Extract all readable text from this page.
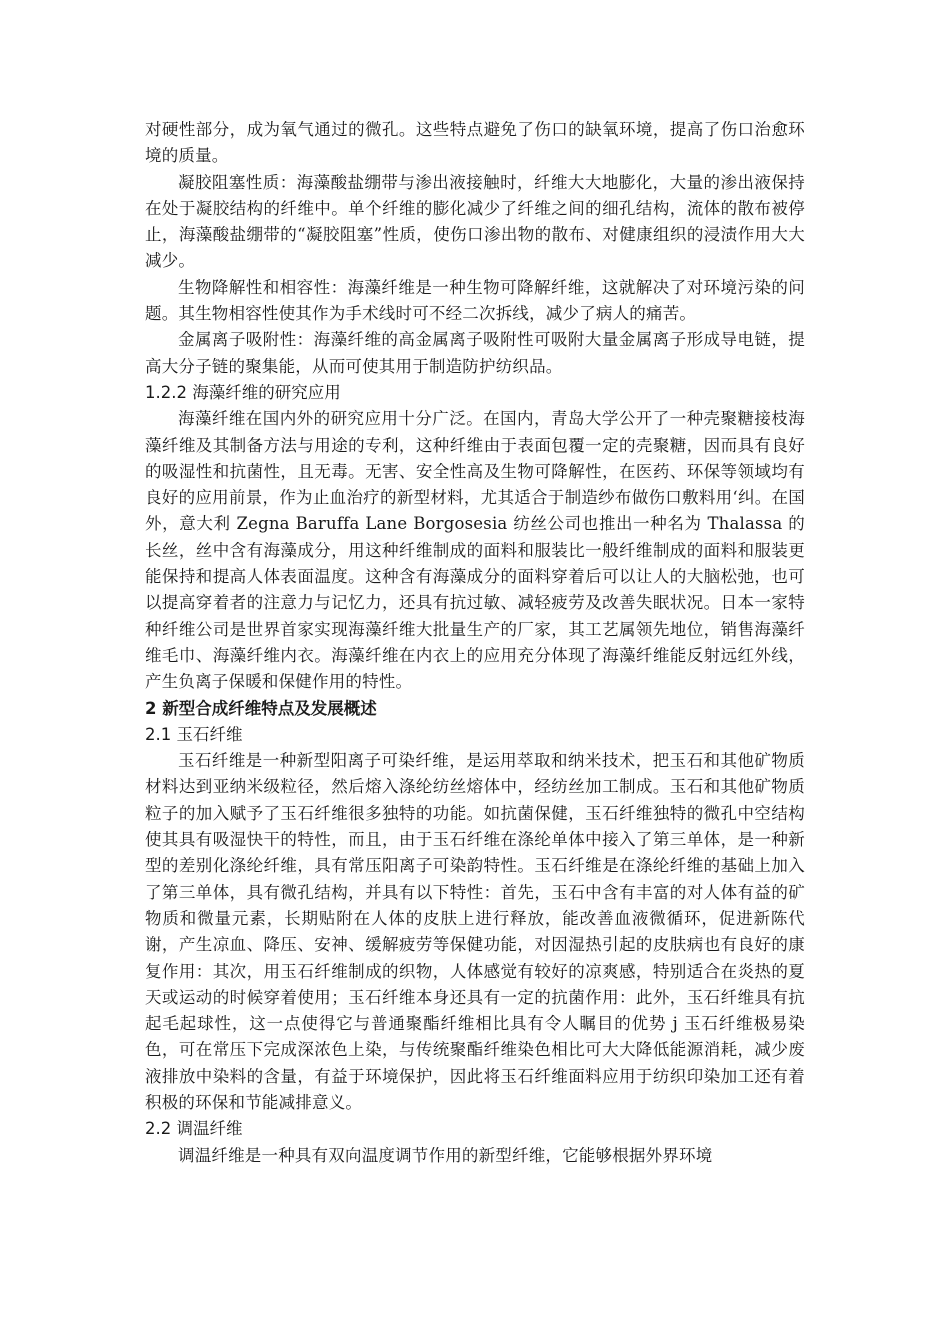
对硬性部分，成为氧气通过的微孔。这些特点避免了伤口的缺氧环境，提高了伤口治愈环境的质量。

凝胶阻塞性质：海藻酸盐绷带与渗出液接触时，纤维大大地膨化，大量的渗出液保持在处于凝胶结构的纤维中。单个纤维的膨化减少了纤维之间的细孔结构，流体的散布被停止，海藻酸盐绷带的“凝胶阻塞”性质，使伤口渗出物的散布、对健康组织的浸渍作用大大减少。

生物降解性和相容性：海藻纤维是一种生物可降解纤维，这就解决了对环境污染的问题。其生物相容性使其作为手术线时可不经二次拆线，减少了病人的痛苦。

金属离子吸附性：海藻纤维的高金属离子吸附性可吸附大量金属离子形成导电链，提高大分子链的聚集能，从而可使其用于制造防护纺织品。

1.2.2 海藻纤维的研究应用

海藻纤维在国内外的研究应用十分广泛。在国内，青岛大学公开了一种壳聚糖接枝海藻纤维及其制备方法与用途的专利，这种纤维由于表面包覆一定的壳聚糖，因而具有良好的吸湿性和抗菌性，且无毒。无害、安全性高及生物可降解性，在医药、环保等领域均有良好的应用前景，作为止血治疗的新型材料，尤其适合于制造纱布做伤口敷料用‘纠。在国外，意大利 Zegna Baruffa Lane Borgosesia 纺丝公司也推出一种名为 Thalassa 的长丝，丝中含有海藻成分，用这种纤维制成的面料和服装比一般纤维制成的面料和服装更能保持和提高人体表面温度。这种含有海藻成分的面料穿着后可以让人的大脑松弛，也可以提高穿着者的注意力与记忆力，还具有抗过敏、减轻疲劳及改善失眠状况。日本一家特种纤维公司是世界首家实现海藻纤维大批量生产的厂家，其工艺属领先地位，销售海藻纤维毛巾、海藻纤维内衣。海藻纤维在内衣上的应用充分体现了海藻纤维能反射远红外线，产生负离子保暖和保健作用的特性。

2 新型合成纤维特点及发展概述
2.1 玉石纤维

玉石纤维是一种新型阳离子可染纤维，是运用萃取和纳米技术，把玉石和其他矿物质材料达到亚纳米级粒径，然后熔入涤纶纺丝熔体中，经纺丝加工制成。玉石和其他矿物质粒子的加入赋予了玉石纤维很多独特的功能。如抗菌保健，玉石纤维独特的微孔中空结构使其具有吸湿快干的特性，而且，由于玉石纤维在涤纶单体中接入了第三单体，是一种新型的差别化涤纶纤维，具有常压阳离子可染韵特性。玉石纤维是在涤纶纤维的基础上加入了第三单体，具有微孔结构，并具有以下特性：首先，玉石中含有丰富的对人体有益的矿物质和微量元素，长期贴附在人体的皮肤上进行释放，能改善血液微循环，促进新陈代谢，产生凉血、降压、安神、缓解疲劳等保健功能，对因湿热引起的皮肤病也有良好的康复作用：其次，用玉石纤维制成的织物，人体感觉有较好的凉爽感，特别适合在炎热的夏天或运动的时候穿着使用；玉石纤维本身还具有一定的抗菌作用：此外，玉石纤维具有抗起毛起球性，这一点使得它与普通聚酯纤维相比具有令人瞩目的优势 j 玉石纤维极易染色，可在常压下完成深浓色上染，与传统聚酯纤维染色相比可大大降低能源消耗，减少废液排放中染料的含量，有益于环境保护，因此将玉石纤维面料应用于纺织印染加工还有着积极的环保和节能减排意义。

2.2 调温纤维

调温纤维是一种具有双向温度调节作用的新型纤维，它能够根据外界环境
